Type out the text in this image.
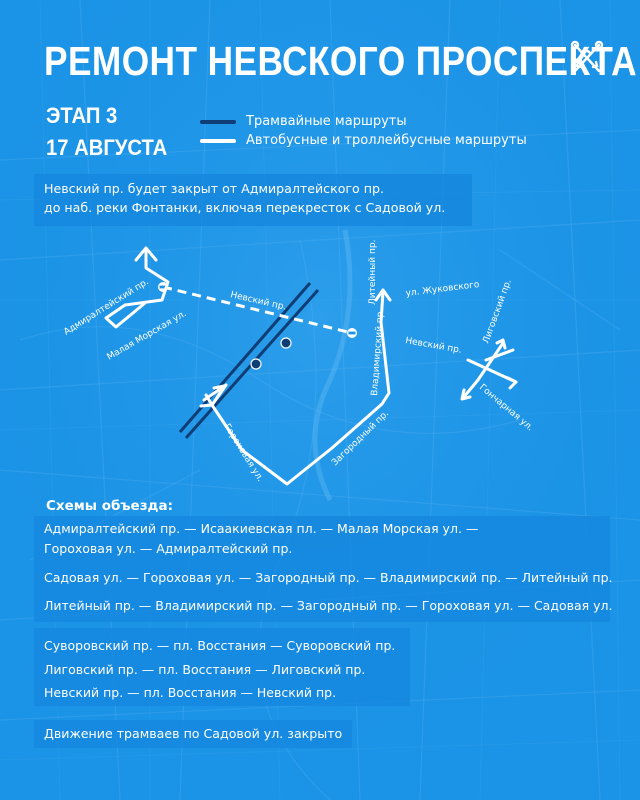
РЕМОНТ НЕВСКОГО ПРОСПЕКТА
ЭТАП 3
17 АВГУСТА
Трамвайные маршруты
Автобусные и троллейбусные маршруты
Невский пр. будет закрыт от Адмиралтейского пр.
до наб. реки Фонтанки, включая перекресток с Садовой ул.
Адмиралтейский пр.
Малая Морская ул.
Невский пр.	Литейный пр.	ул. Жуковского Лиговский пр.
Невский пр.
Владимирский пр.
Гончарная ул.
Загородный пр.
Гороховая ул.
Схемы объезда:
Адмиралтейский пр. — Исаакиевская пл. — Малая Морская ул. —
Гороховая ул. — Адмиралтейский пр.
Садовая ул. — Гороховая ул. — Загородный пр. — Владимирский пр. — Литейный пр.
Литейный пр. — Владимирский пр. — Загородный пр. — Гороховая ул. — Садовая ул.
Суворовский пр. — пл. Восстания — Суворовский пр.
Лиговский пр. — пл. Восстания — Лиговский пр.
Невский пр. — пл. Восстания — Невский пр.
Движение трамваев по Садовой ул. закрыто
